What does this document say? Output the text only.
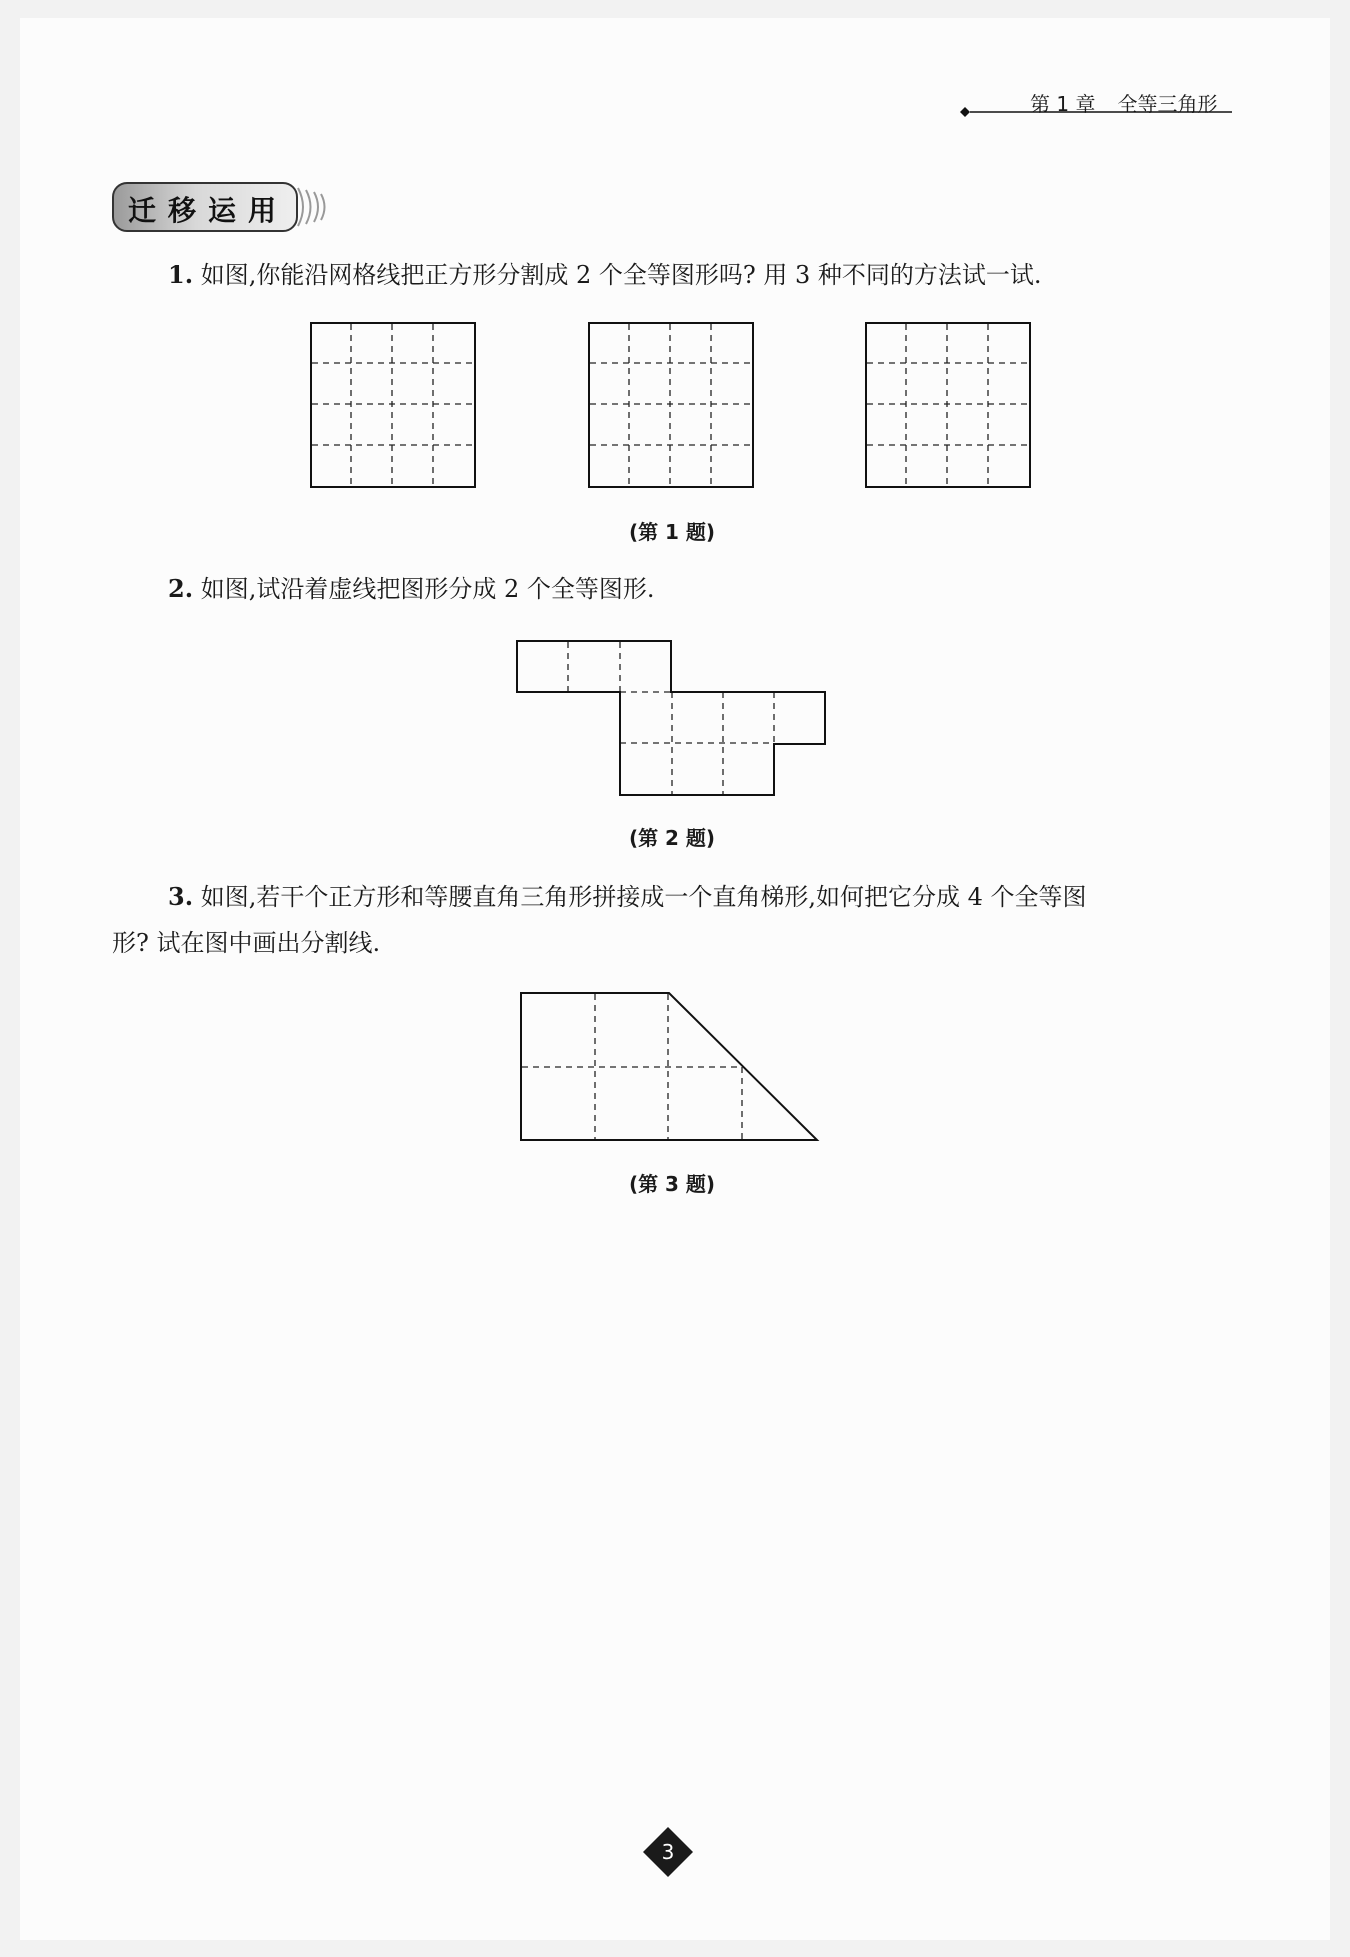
第 1 章 全等三角形
迁移运用
1. 如图,你能沿网格线把正方形分割成 2 个全等图形吗? 用 3 种不同的方法试一试.
(第 1 题)
2. 如图,试沿着虚线把图形分成 2 个全等图形.
(第 2 题)
3. 如图,若干个正方形和等腰直角三角形拼接成一个直角梯形,如何把它分成 4 个全等图
形? 试在图中画出分割线.
(第 3 题)
3
